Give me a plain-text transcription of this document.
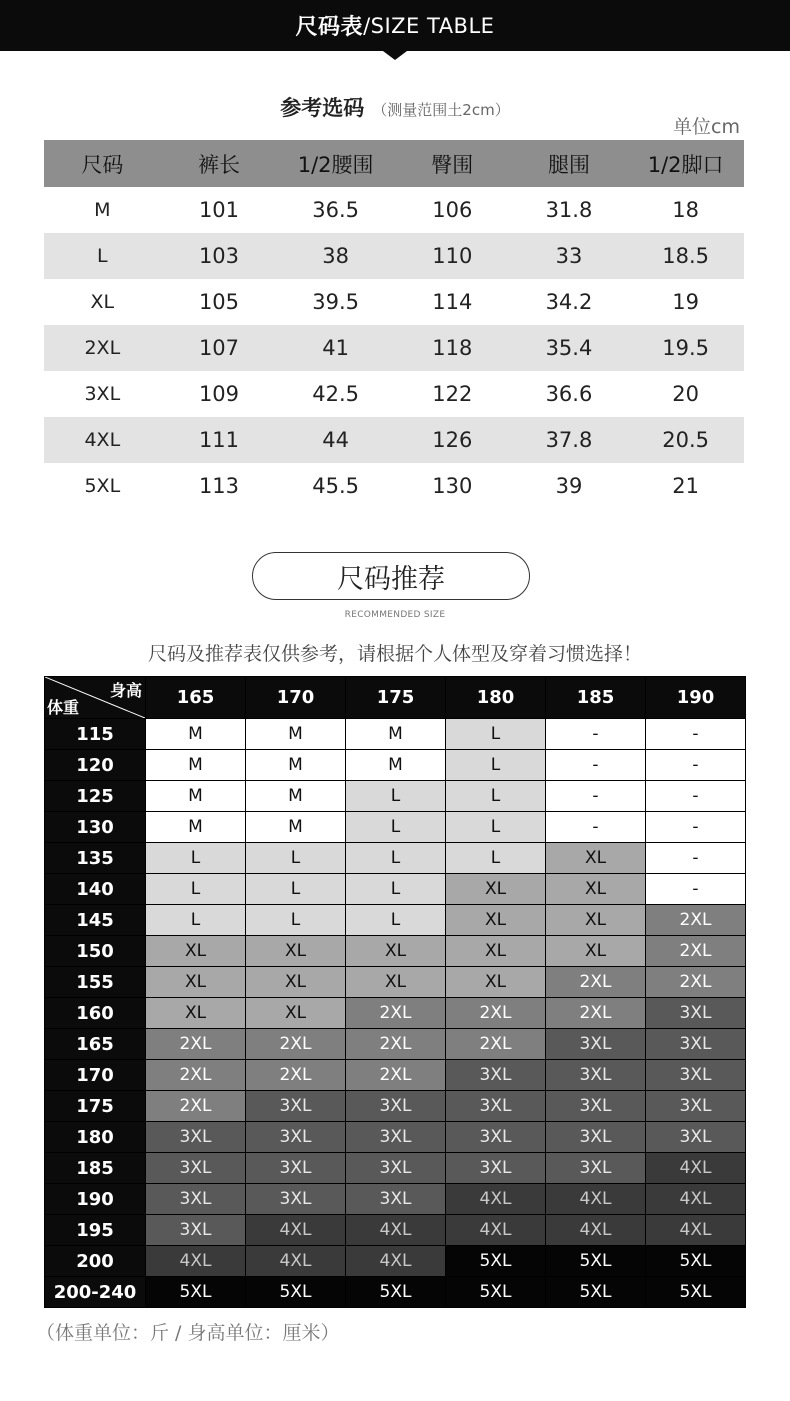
尺码表 /SIZE TABLE
参考选码 （测量范围土2cm）
单位cm
尺码	裤长	1/2腰围	臀围	腿围	1/2脚口
M	101	36.5	106	31.8	18
L	103	38	110	33	18.5
XL	105	39.5	114	34.2	19
2XL	107	41	118	35.4	19.5
3XL	109	42.5	122	36.6	20
4XL	111	44	126	37.8	20.5
5XL	113	45.5	130	39	21
尺码推荐
RECOMMENDED SIZE
尺码及推荐表仅供参考，请根据个人体型及穿着习惯选择！
身高
体重	165	170	175	180	185	190
115	M	M	M	L	-	-
120	M	M	M	L	-	-
125	M	M	L	L	-	-
130	M	M	L	L	-	-
135	L	L	L	L	XL	-
140	L	L	L	XL	XL	-
145	L	L	L	XL	XL	2XL
150	XL	XL	XL	XL	XL	2XL
155	XL	XL	XL	XL	2XL	2XL
160	XL	XL	2XL	2XL	2XL	3XL
165	2XL	2XL	2XL	2XL	3XL	3XL
170	2XL	2XL	2XL	3XL	3XL	3XL
175	2XL	3XL	3XL	3XL	3XL	3XL
180	3XL	3XL	3XL	3XL	3XL	3XL
185	3XL	3XL	3XL	3XL	3XL	4XL
190	3XL	3XL	3XL	4XL	4XL	4XL
195	3XL	4XL	4XL	4XL	4XL	4XL
200	4XL	4XL	4XL	5XL	5XL	5XL
200-240	5XL	5XL	5XL	5XL	5XL	5XL
（体重单位：斤 / 身高单位：厘米）
